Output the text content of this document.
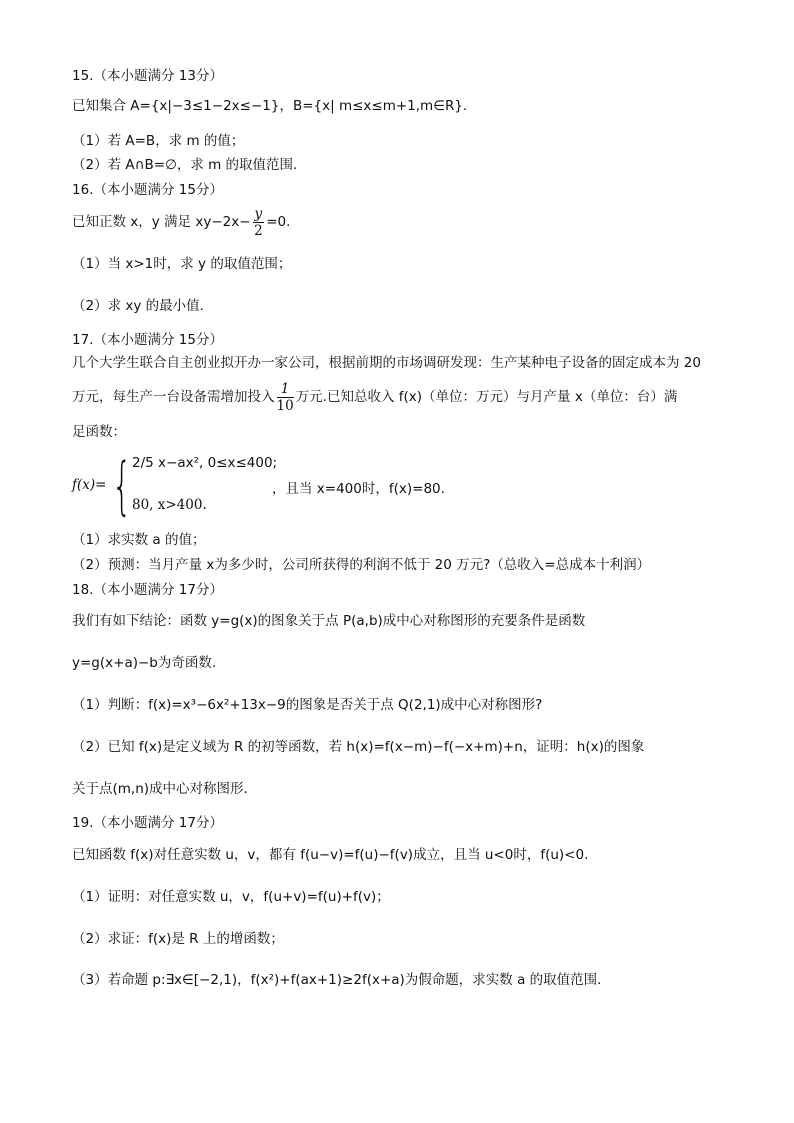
15.（本小题满分 13分）
已知集合 A={x|−3≤1−2x≤−1}，B={x| m≤x≤m+1,m∈R}.
（1）若 A=B，求 m 的值；
（2）若 A∩B=∅，求 m 的取值范围.
16.（本小题满分 15分）
已知正数 x，y 满足 $xy-2x- \frac{y}{2} =0$.
（1）当 x>1时，求 y 的取值范围；
（2）求 xy 的最小值.
17.（本小题满分 15分）
几个大学生联合自主创业拟开办一家公司，根据前期的市场调研发现：生产某种电子设备的固定成本为 20
万元，每生产一台设备需增加投入 $\frac{1}{10}$ 万元.已知总收入 f(x)（单位：万元）与月产量 x（单位：台）满
足函数：
f(x)= { 2/5 x−ax², 0≤x≤400;
80, x>400.
，且当 x=400时，f(x)=80.
（1）求实数 a 的值；
（2）预测：当月产量 x为多少时，公司所获得的利润不低于 20 万元?（总收入=总成本十利润）
18.（本小题满分 17分）
我们有如下结论：函数 y=g(x)的图象关于点 P(a,b)成中心对称图形的充要条件是函数
y=g(x+a)−b为奇函数.
（1）判断：f(x)=x³−6x²+13x−9的图象是否关于点 Q(2,1)成中心对称图形?
（2）已知 f(x)是定义域为 R 的初等函数，若 h(x)=f(x−m)−f(−x+m)+n，证明：h(x)的图象
关于点(m,n)成中心对称图形.
19.（本小题满分 17分）
已知函数 f(x)对任意实数 u，v，都有 f(u−v)=f(u)−f(v)成立，且当 u<0时，f(u)<0.
（1）证明：对任意实数 u，v，f(u+v)=f(u)+f(v)；
（2）求证：f(x)是 R 上的增函数；
（3）若命题 p:∃x∈[−2,1)，f(x²)+f(ax+1)≥2f(x+a)为假命题，求实数 a 的取值范围.
